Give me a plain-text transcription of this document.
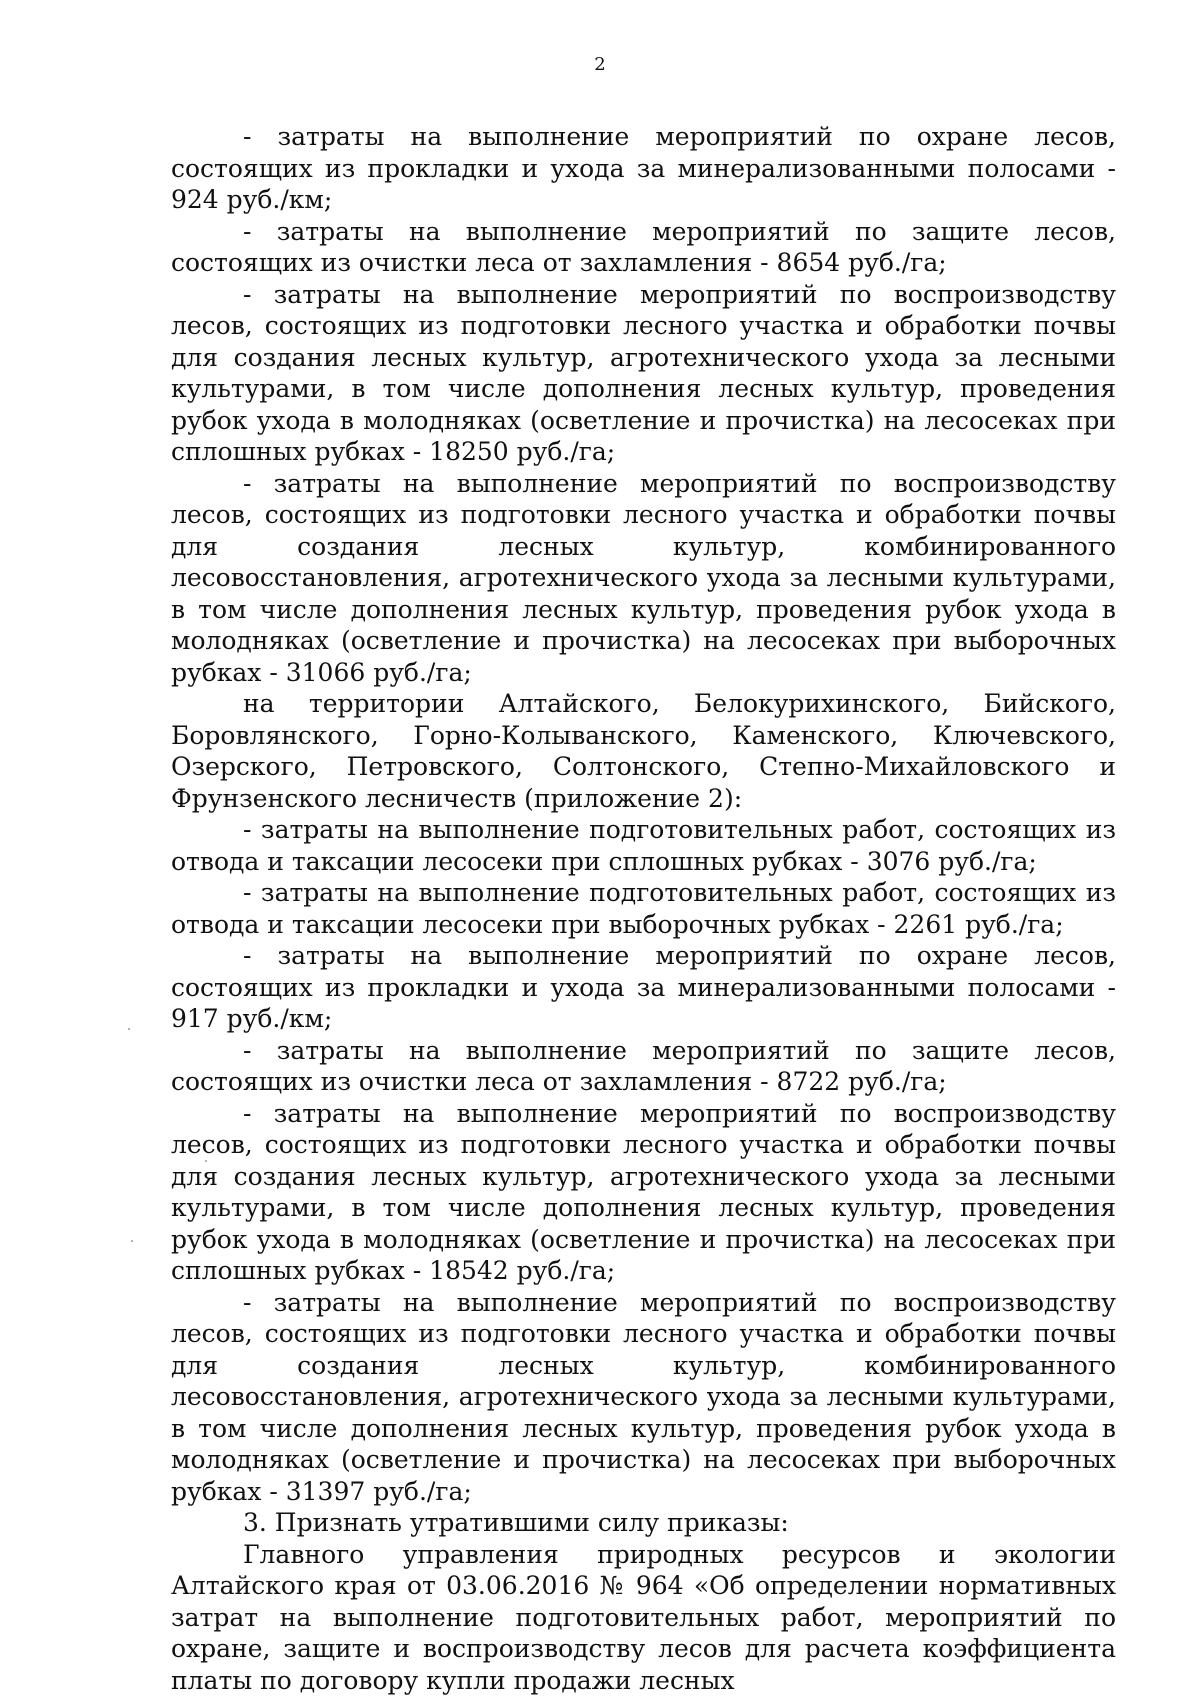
2

- затраты на выполнение мероприятий по охране лесов, состоящих из прокладки и ухода за минерализованными полосами - 924 руб./км;

- затраты на выполнение мероприятий по защите лесов, состоящих из очистки леса от захламления - 8654 руб./га;

- затраты на выполнение мероприятий по воспроизводству лесов, состоящих из подготовки лесного участка и обработки почвы для создания лесных культур, агротехнического ухода за лесными культурами, в том числе дополнения лесных культур, проведения рубок ухода в молодняках (осветление и прочистка) на лесосеках при сплошных рубках - 18250 руб./га;

- затраты на выполнение мероприятий по воспроизводству лесов, состоящих из подготовки лесного участка и обработки почвы для создания лесных культур, комбинированного лесовосстановления, агротехнического ухода за лесными культурами, в том числе дополнения лесных культур, проведения рубок ухода в молодняках (осветление и прочистка) на лесосеках при выборочных рубках - 31066 руб./га;

на территории Алтайского, Белокурихинского, Бийского, Боровлянского, Горно-Колыванского, Каменского, Ключевского, Озерского, Петровского, Солтонского, Степно-Михайловского и Фрунзенского лесничеств (приложение 2):

- затраты на выполнение подготовительных работ, состоящих из отвода и таксации лесосеки при сплошных рубках - 3076 руб./га;

- затраты на выполнение подготовительных работ, состоящих из отвода и таксации лесосеки при выборочных рубках - 2261 руб./га;

- затраты на выполнение мероприятий по охране лесов, состоящих из прокладки и ухода за минерализованными полосами - 917 руб./км;

- затраты на выполнение мероприятий по защите лесов, состоящих из очистки леса от захламления - 8722 руб./га;

- затраты на выполнение мероприятий по воспроизводству лесов, состоящих из подготовки лесного участка и обработки почвы для создания лесных культур, агротехнического ухода за лесными культурами, в том числе дополнения лесных культур, проведения рубок ухода в молодняках (осветление и прочистка) на лесосеках при сплошных рубках - 18542 руб./га;

- затраты на выполнение мероприятий по воспроизводству лесов, состоящих из подготовки лесного участка и обработки почвы для создания лесных культур, комбинированного лесовосстановления, агротехнического ухода за лесными культурами, в том числе дополнения лесных культур, проведения рубок ухода в молодняках (осветление и прочистка) на лесосеках при выборочных рубках - 31397 руб./га;

3. Признать утратившими силу приказы:

Главного управления природных ресурсов и экологии Алтайского края от 03.06.2016 № 964 «Об определении нормативных затрат на выполнение подготовительных работ, мероприятий по охране, защите и воспроизводству лесов для расчета коэффициента платы по договору купли продажи лесных
